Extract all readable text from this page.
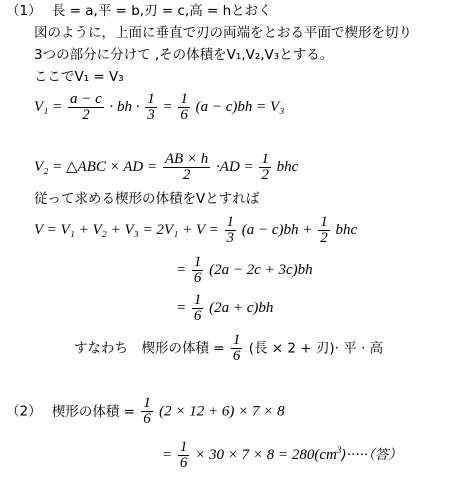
（1） 長 = a,平 = b,刃 = c,高 = hとおく
図のように，上面に垂直で刃の両端をとおる平面で楔形を切り
3つの部分に分けて ,その体積をV₁,V₂,V₃とする。
ここでV₁ = V₃
$V_1 = \frac{a - c}{2}$ · bh · $\frac{1}{3} = \frac{1}{6} (a - c)bh = V_3$
V₂ = △ABC × AD = $\frac{AB \times h}{2} \cdot AD = \frac{1}{2}$ bhc
従って求める楔形の体積をVとすれば
$V = V_1 + V_2 + V_3 = 2V_1 + V = \frac{1}{3} (a - c)bh + \frac{1}{2}$ bhc
= $\frac{1}{6} (2a - 2c + 3c)bh$
= $\frac{1}{6} (2a + c)bh$
すなわち　楔形の体積 = $\frac{1}{6}$ (長 × 2 + 刃)· 平 · 高
（2） 楔形の体積 = $\frac{1}{6} (2 \times 12 + 6) \times 7 \times 8$
= $\frac{1}{6} \times 30 \times 7 \times 8 = 280(cm^3)\cdot\cdot\cdot\cdot\cdot$（答）
